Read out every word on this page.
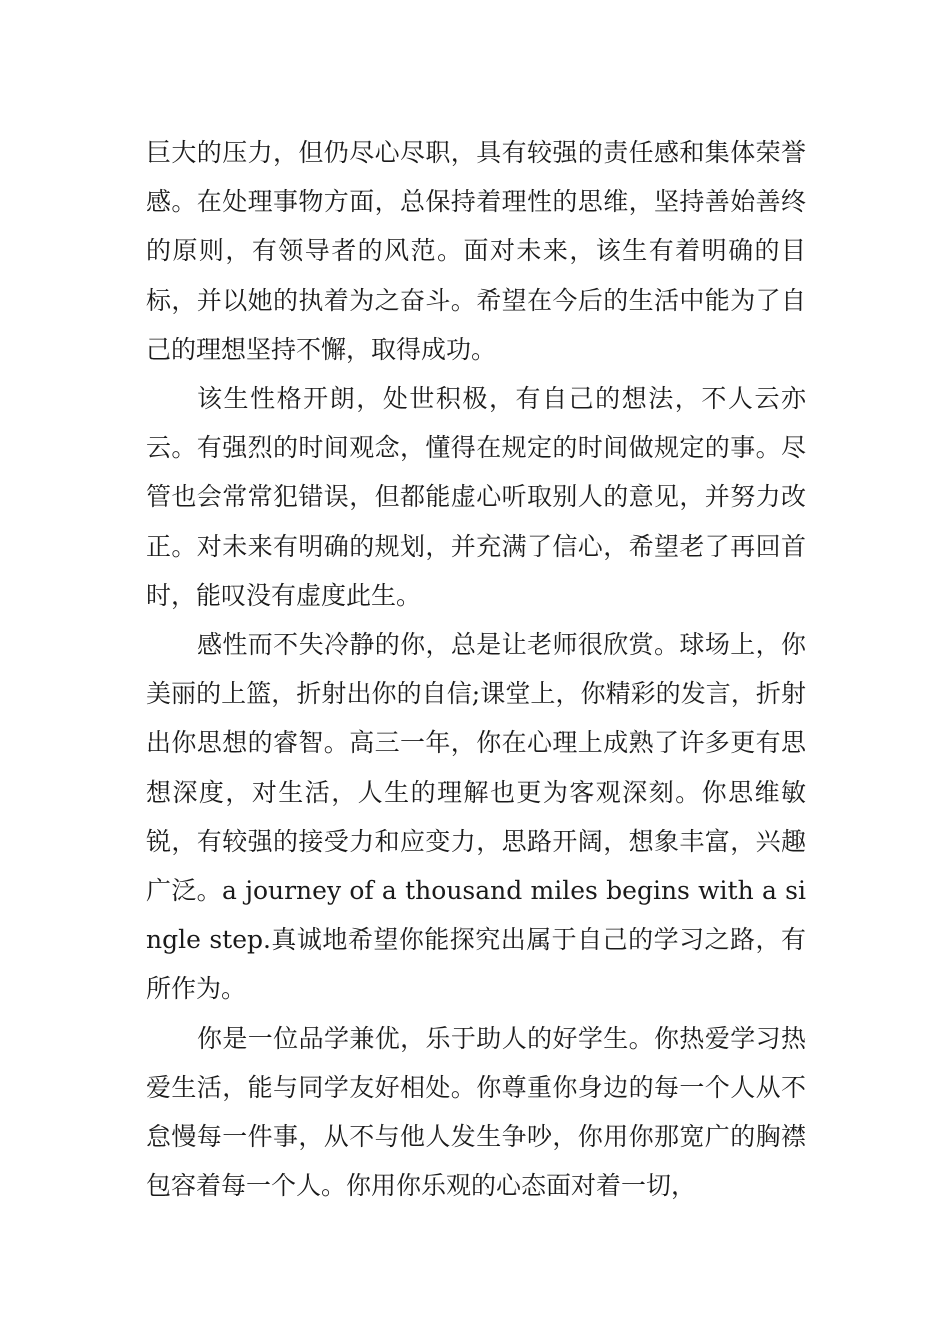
巨大的压力，但仍尽心尽职，具有较强的责任感和集体荣誉感。在处理事物方面，总保持着理性的思维，坚持善始善终的原则，有领导者的风范。面对未来，该生有着明确的目标，并以她的执着为之奋斗。希望在今后的生活中能为了自己的理想坚持不懈，取得成功。

该生性格开朗，处世积极，有自己的想法，不人云亦云。有强烈的时间观念，懂得在规定的时间做规定的事。尽管也会常常犯错误，但都能虚心听取别人的意见，并努力改正。对未来有明确的规划，并充满了信心，希望老了再回首时，能叹没有虚度此生。

感性而不失冷静的你，总是让老师很欣赏。球场上，你美丽的上篮，折射出你的自信;课堂上，你精彩的发言，折射出你思想的睿智。高三一年，你在心理上成熟了许多更有思想深度，对生活，人生的理解也更为客观深刻。你思维敏锐，有较强的接受力和应变力，思路开阔，想象丰富，兴趣广泛。a journey of a thousand miles begins with a single step.真诚地希望你能探究出属于自己的学习之路，有所作为。

你是一位品学兼优，乐于助人的好学生。你热爱学习热爱生活，能与同学友好相处。你尊重你身边的每一个人从不怠慢每一件事，从不与他人发生争吵，你用你那宽广的胸襟包容着每一个人。你用你乐观的心态面对着一切，
